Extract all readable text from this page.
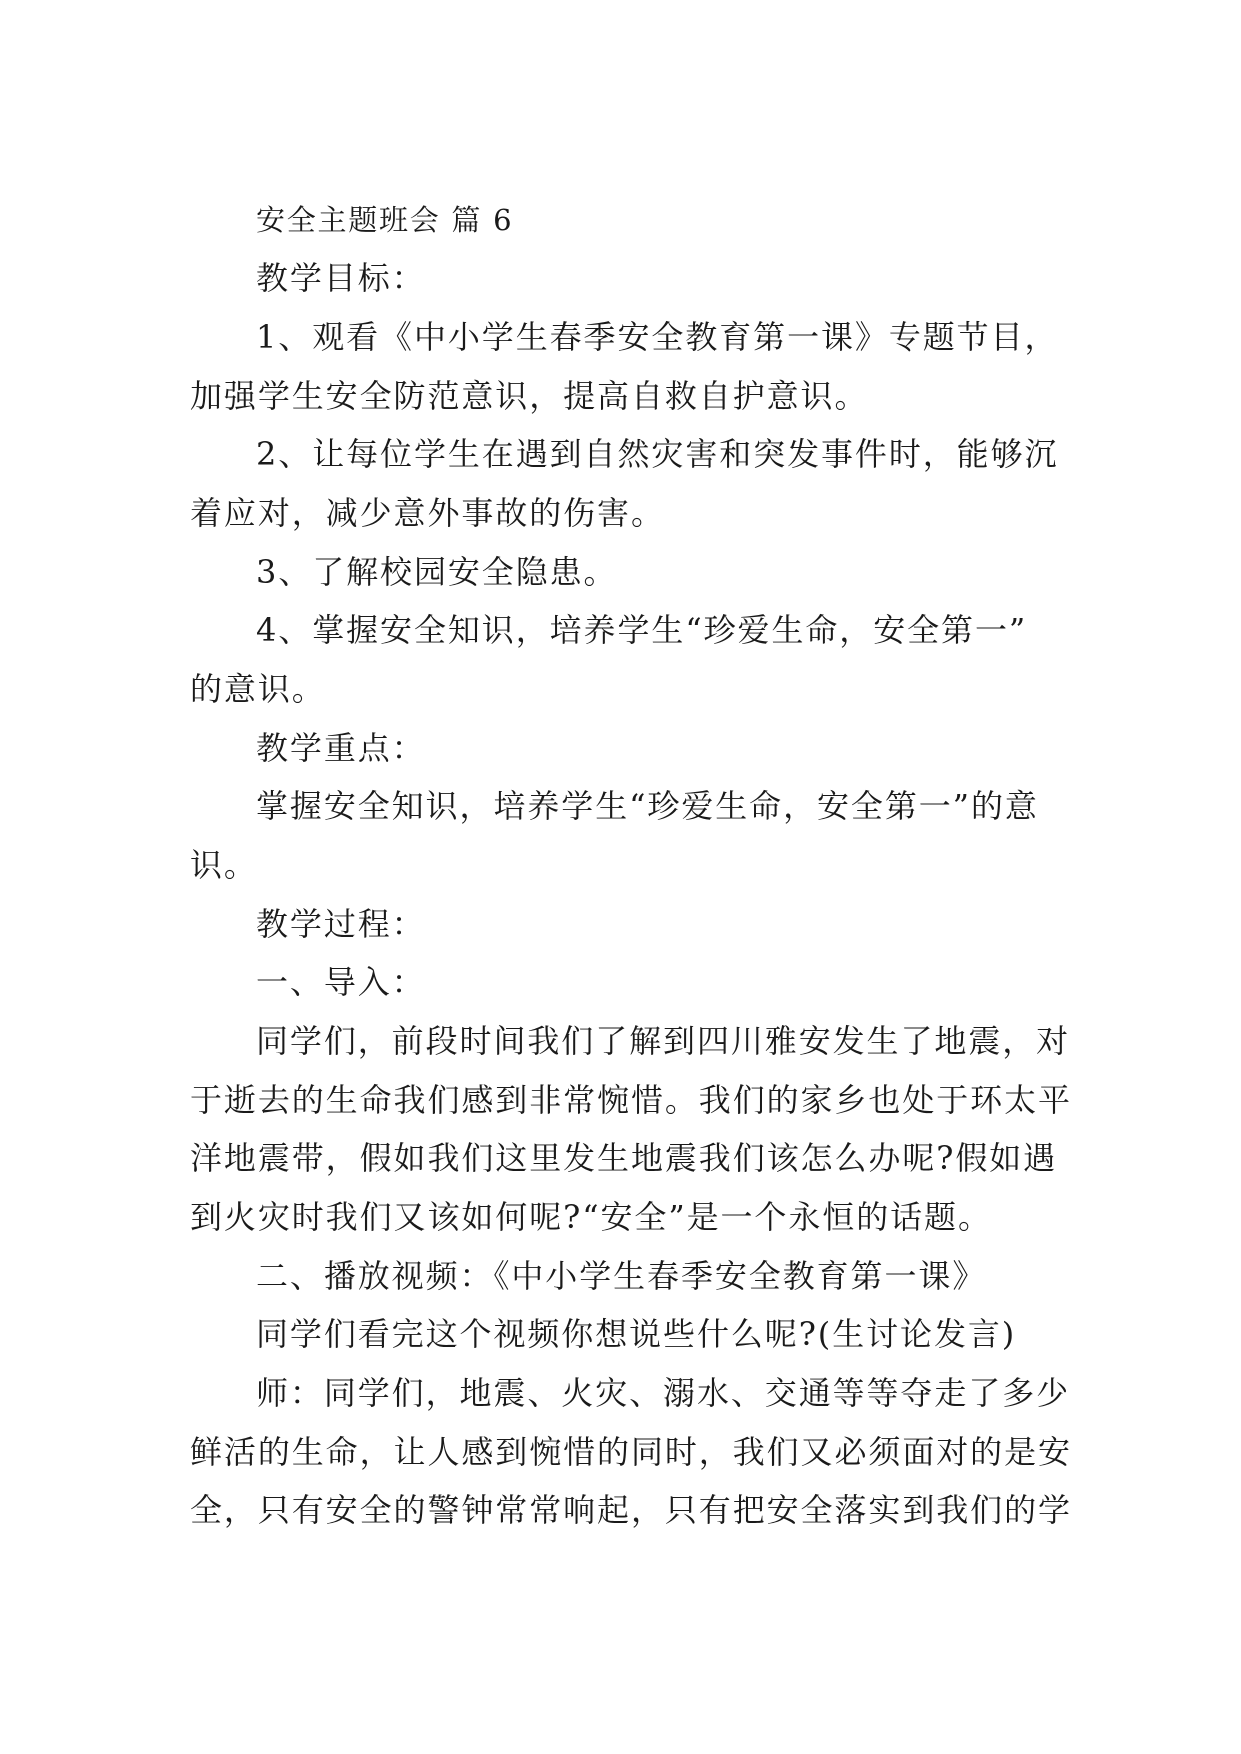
安全主题班会 篇 6
教学目标：
1、观看《中小学生春季安全教育第一课》专题节目，
加强学生安全防范意识，提高自救自护意识。
2、让每位学生在遇到自然灾害和突发事件时，能够沉
着应对，减少意外事故的伤害。
3、了解校园安全隐患。
4、掌握安全知识，培养学生“珍爱生命，安全第一”
的意识。
教学重点：
掌握安全知识，培养学生“珍爱生命，安全第一”的意
识。
教学过程：
一、导入：
同学们，前段时间我们了解到四川雅安发生了地震，对
于逝去的生命我们感到非常惋惜。我们的家乡也处于环太平
洋地震带，假如我们这里发生地震我们该怎么办呢?假如遇
到火灾时我们又该如何呢?“安全”是一个永恒的话题。
二、播放视频：《中小学生春季安全教育第一课》
同学们看完这个视频你想说些什么呢?(生讨论发言)
师：同学们，地震、火灾、溺水、交通等等夺走了多少
鲜活的生命，让人感到惋惜的同时，我们又必须面对的是安
全，只有安全的警钟常常响起，只有把安全落实到我们的学
